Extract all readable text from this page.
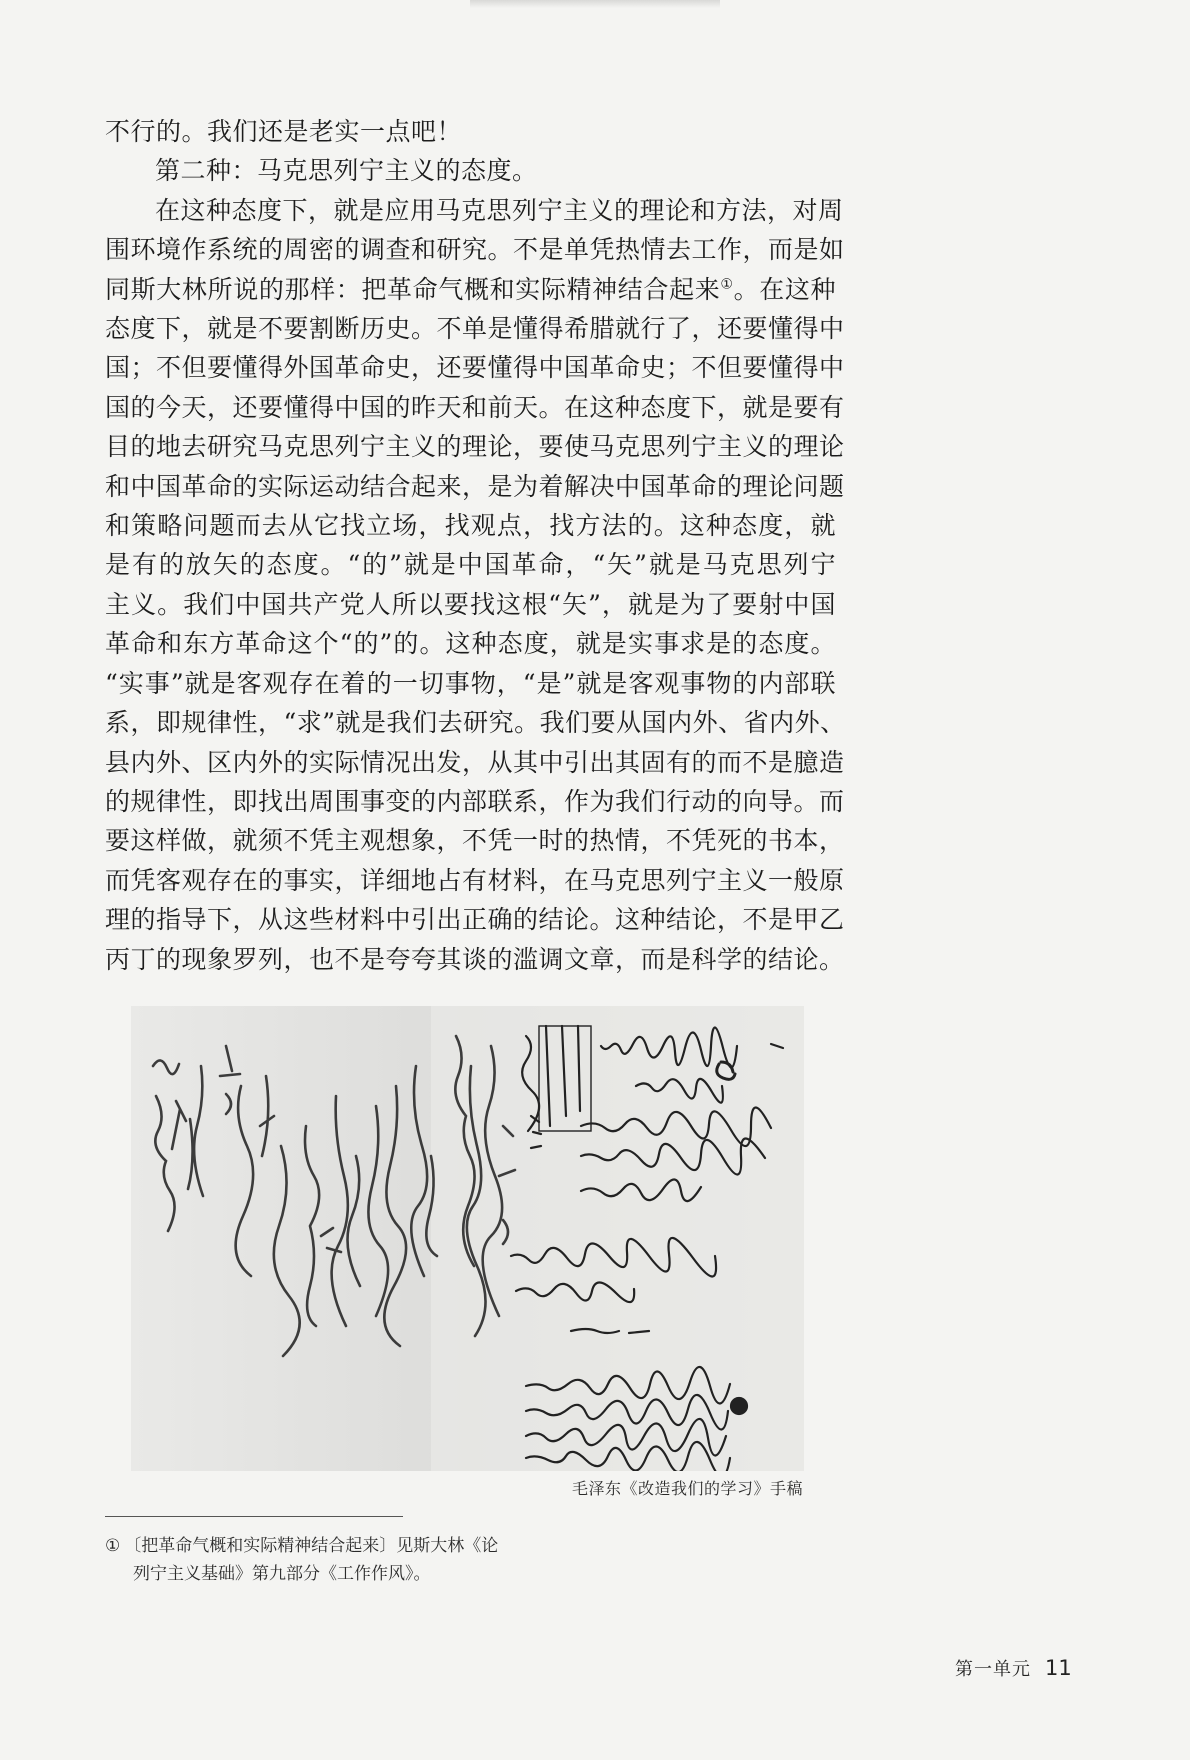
不行的。我们还是老实一点吧！
第二种：马克思列宁主义的态度。
在这种态度下，就是应用马克思列宁主义的理论和方法，对周
围环境作系统的周密的调查和研究。不是单凭热情去工作，而是如
同斯大林所说的那样：把革命气概和实际精神结合起来①。在这种
态度下，就是不要割断历史。不单是懂得希腊就行了，还要懂得中
国；不但要懂得外国革命史，还要懂得中国革命史；不但要懂得中
国的今天，还要懂得中国的昨天和前天。在这种态度下，就是要有
目的地去研究马克思列宁主义的理论，要使马克思列宁主义的理论
和中国革命的实际运动结合起来，是为着解决中国革命的理论问题
和策略问题而去从它找立场，找观点，找方法的。这种态度，就
是有的放矢的态度。“的”就是中国革命，“矢”就是马克思列宁
主义。我们中国共产党人所以要找这根“矢”，就是为了要射中国
革命和东方革命这个“的”的。这种态度，就是实事求是的态度。
“实事”就是客观存在着的一切事物，“是”就是客观事物的内部联
系，即规律性，“求”就是我们去研究。我们要从国内外、省内外、
县内外、区内外的实际情况出发，从其中引出其固有的而不是臆造
的规律性，即找出周围事变的内部联系，作为我们行动的向导。而
要这样做，就须不凭主观想象，不凭一时的热情，不凭死的书本，
而凭客观存在的事实，详细地占有材料，在马克思列宁主义一般原
理的指导下，从这些材料中引出正确的结论。这种结论，不是甲乙
丙丁的现象罗列，也不是夸夸其谈的滥调文章，而是科学的结论。
毛泽东《改造我们的学习》手稿
① 〔把革命气概和实际精神结合起来〕见斯大林《论
列宁主义基础》第九部分《工作作风》。
第一单元 11
